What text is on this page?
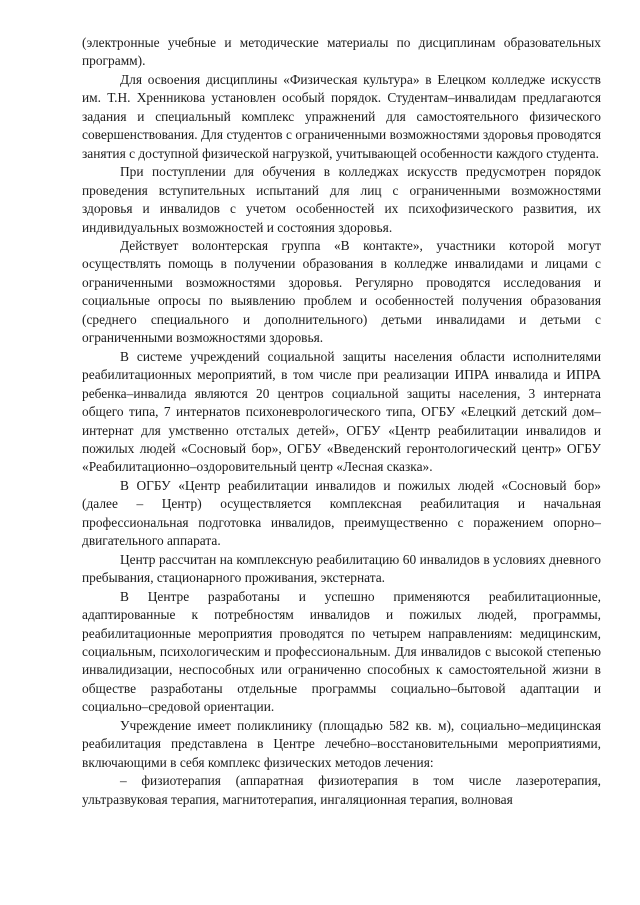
(электронные учебные и методические материалы по дисциплинам образовательных программ).

Для освоения дисциплины «Физическая культура» в Елецком колледже искусств им. Т.Н. Хренникова установлен особый порядок. Студентам–инвалидам предлагаются задания и специальный комплекс упражнений для самостоятельного физического совершенствования. Для студентов с ограниченными возможностями здоровья проводятся занятия с доступной физической нагрузкой, учитывающей особенности каждого студента.

При поступлении для обучения в колледжах искусств предусмотрен порядок проведения вступительных испытаний для лиц с ограниченными возможностями здоровья и инвалидов с учетом особенностей их психофизического развития, их индивидуальных возможностей и состояния здоровья.

Действует волонтерская группа «В контакте», участники которой могут осуществлять помощь в получении образования в колледже инвалидами и лицами с ограниченными возможностями здоровья. Регулярно проводятся исследования и социальные опросы по выявлению проблем и особенностей получения образования (среднего специального и дополнительного) детьми инвалидами и детьми с ограниченными возможностями здоровья.

В системе учреждений социальной защиты населения области исполнителями реабилитационных мероприятий, в том числе при реализации ИПРА инвалида и ИПРА ребенка–инвалида являются 20 центров социальной защиты населения, 3 интерната общего типа, 7 интернатов психоневрологического типа, ОГБУ «Елецкий детский дом–интернат для умственно отсталых детей», ОГБУ «Центр реабилитации инвалидов и пожилых людей «Сосновый бор», ОГБУ «Введенский геронтологический центр» ОГБУ «Реабилитационно–оздоровительный центр «Лесная сказка».

В ОГБУ «Центр реабилитации инвалидов и пожилых людей «Сосновый бор» (далее – Центр) осуществляется комплексная реабилитация и начальная профессиональная подготовка инвалидов, преимущественно с поражением опорно–двигательного аппарата.

Центр рассчитан на комплексную реабилитацию 60 инвалидов в условиях дневного пребывания, стационарного проживания, экстерната.

В Центре разработаны и успешно применяются реабилитационные, адаптированные к потребностям инвалидов и пожилых людей, программы, реабилитационные мероприятия проводятся по четырем направлениям: медицинским, социальным, психологическим и профессиональным. Для инвалидов с высокой степенью инвалидизации, неспособных или ограниченно способных к самостоятельной жизни в обществе разработаны отдельные программы социально–бытовой адаптации и социально–средовой ориентации.

Учреждение имеет поликлинику (площадью 582 кв. м), социально–медицинская реабилитация представлена в Центре лечебно–восстановительными мероприятиями, включающими в себя комплекс физических методов лечения:

– физиотерапия (аппаратная физиотерапия в том числе лазеротерапия, ультразвуковая терапия, магнитотерапия, ингаляционная терапия, волновая
